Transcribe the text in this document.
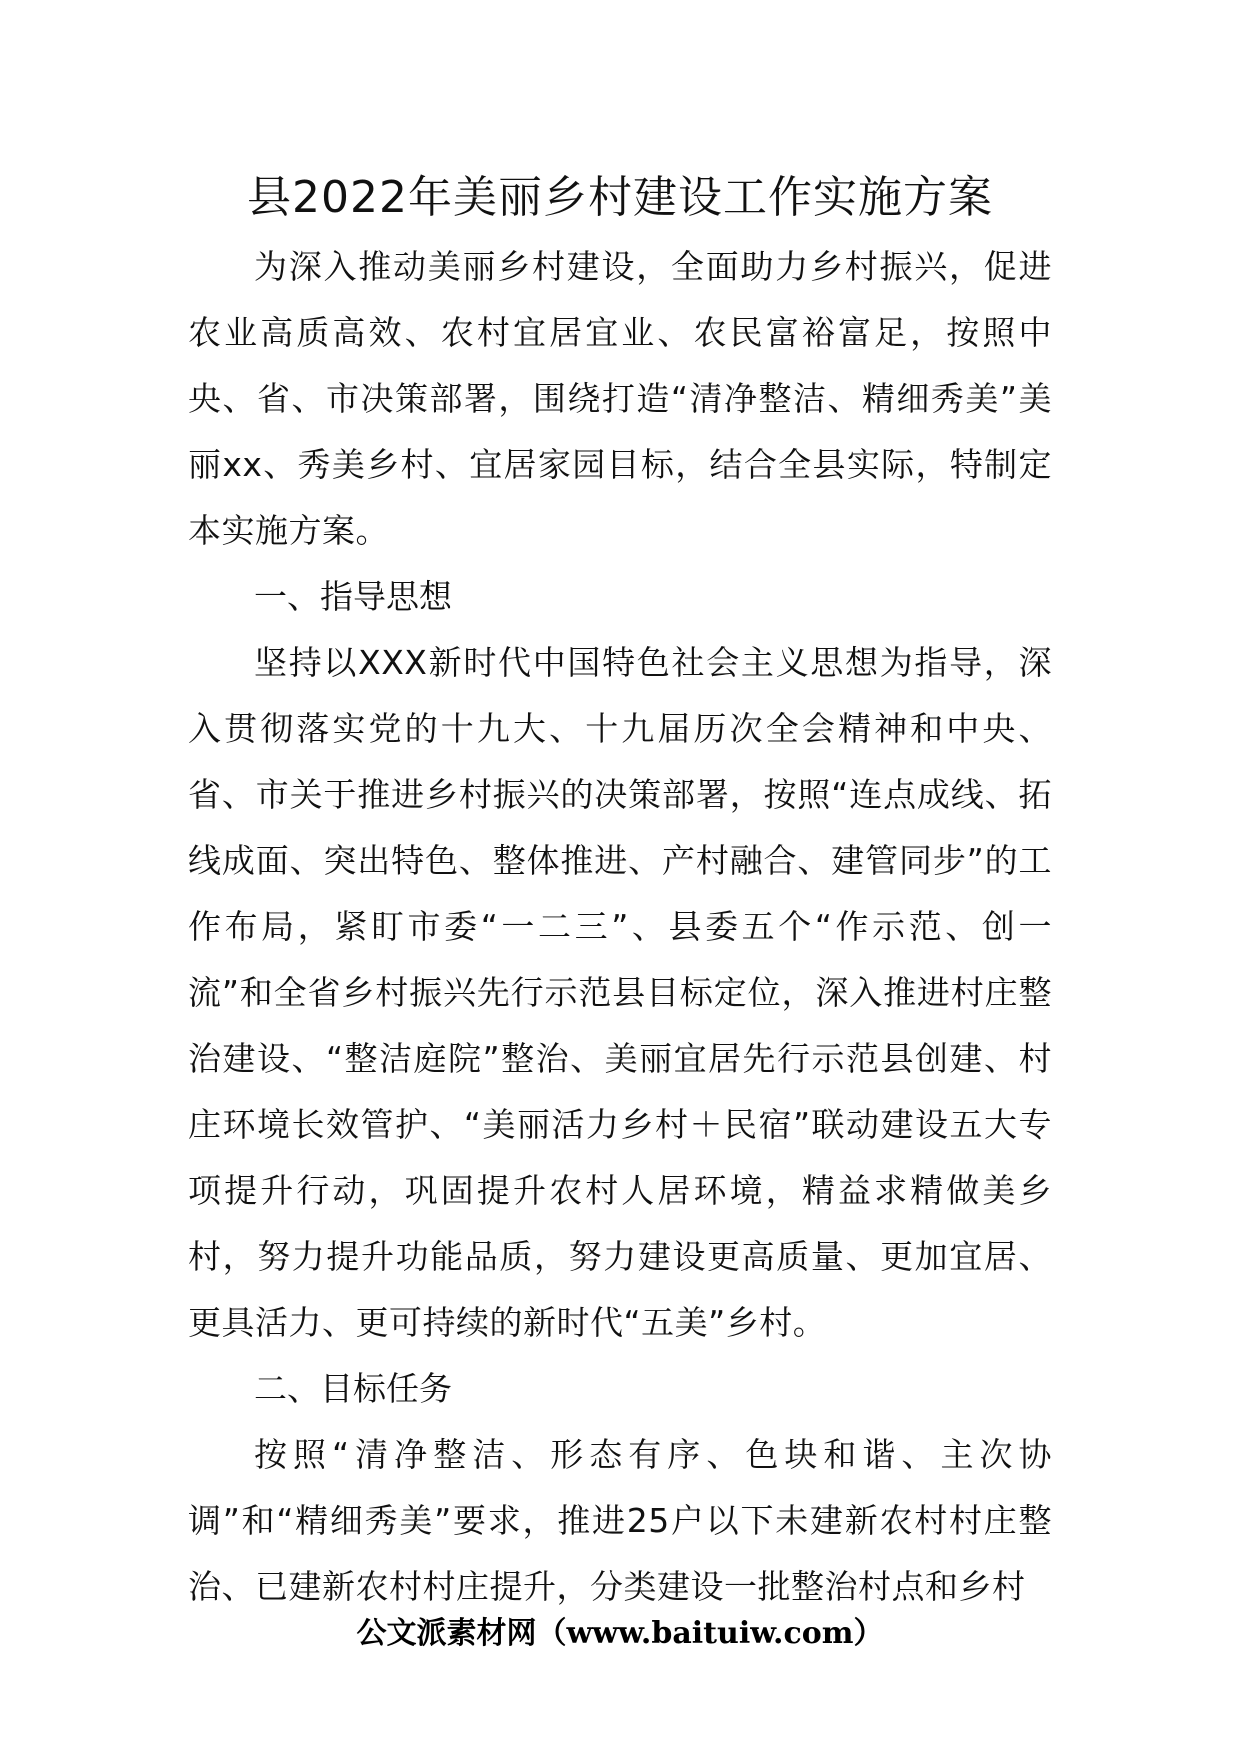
县2022年美丽乡村建设工作实施方案

为深入推动美丽乡村建设，全面助力乡村振兴，促进农业高质高效、农村宜居宜业、农民富裕富足，按照中央、省、市决策部署，围绕打造“清净整洁、精细秀美”美丽xx、秀美乡村、宜居家园目标，结合全县实际，特制定本实施方案。

一、指导思想

坚持以XXX新时代中国特色社会主义思想为指导，深入贯彻落实党的十九大、十九届历次全会精神和中央、省、市关于推进乡村振兴的决策部署，按照“连点成线、拓线成面、突出特色、整体推进、产村融合、建管同步”的工作布局，紧盯市委“一二三”、县委五个“作示范、创一流”和全省乡村振兴先行示范县目标定位，深入推进村庄整治建设、“整洁庭院”整治、美丽宜居先行示范县创建、村庄环境长效管护、“美丽活力乡村＋民宿”联动建设五大专项提升行动，巩固提升农村人居环境，精益求精做美乡村，努力提升功能品质，努力建设更高质量、更加宜居、更具活力、更可持续的新时代“五美”乡村。

二、目标任务

按照“清净整洁、形态有序、色块和谐、主次协调”和“精细秀美”要求，推进25户以下未建新农村村庄整治、已建新农村村庄提升，分类建设一批整治村点和乡村

公文派素材网（www.baituiw.com）
